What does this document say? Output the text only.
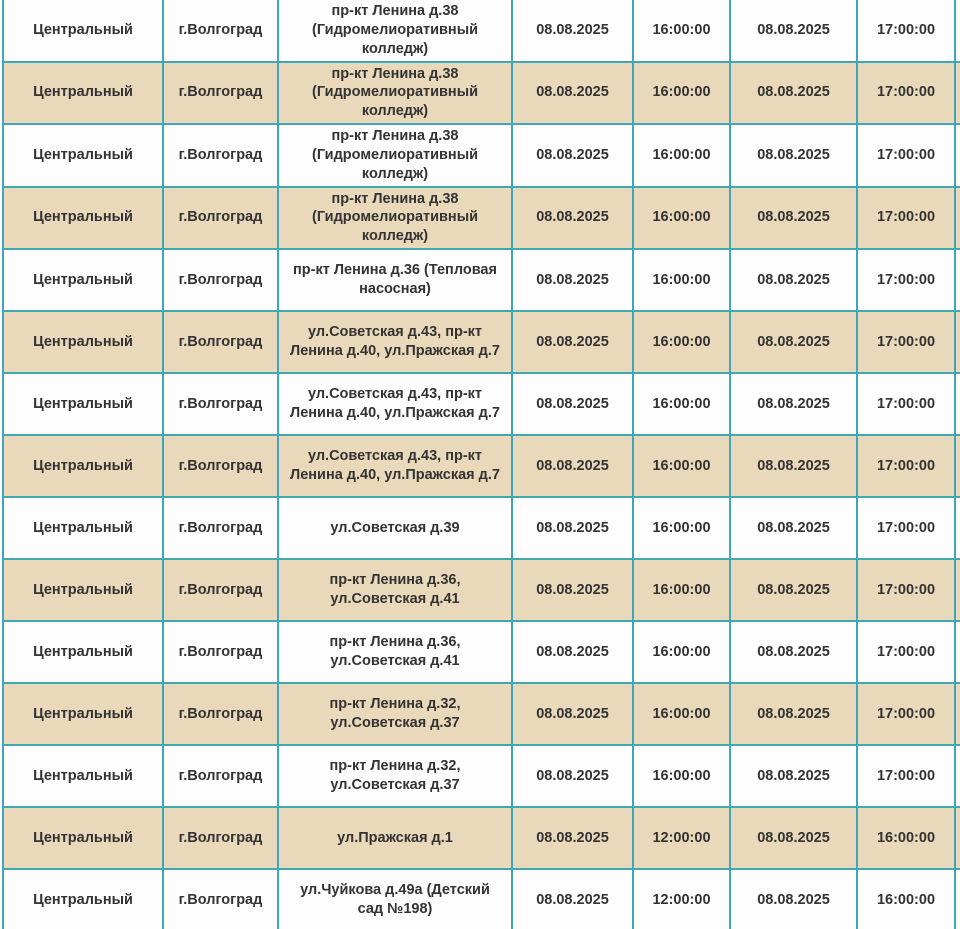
Центральный	г.Волгоград	пр-кт Ленина д.38 (Гидромелиоративный колледж)	08.08.2025	16:00:00	08.08.2025	17:00:00	
Центральный	г.Волгоград	пр-кт Ленина д.38 (Гидромелиоративный колледж)	08.08.2025	16:00:00	08.08.2025	17:00:00	
Центральный	г.Волгоград	пр-кт Ленина д.38 (Гидромелиоративный колледж)	08.08.2025	16:00:00	08.08.2025	17:00:00	
Центральный	г.Волгоград	пр-кт Ленина д.38 (Гидромелиоративный колледж)	08.08.2025	16:00:00	08.08.2025	17:00:00	
Центральный	г.Волгоград	пр-кт Ленина д.36 (Тепловая насосная)	08.08.2025	16:00:00	08.08.2025	17:00:00	
Центральный	г.Волгоград	ул.Советская д.43, пр-кт Ленина д.40, ул.Пражская д.7	08.08.2025	16:00:00	08.08.2025	17:00:00	
Центральный	г.Волгоград	ул.Советская д.43, пр-кт Ленина д.40, ул.Пражская д.7	08.08.2025	16:00:00	08.08.2025	17:00:00	
Центральный	г.Волгоград	ул.Советская д.43, пр-кт Ленина д.40, ул.Пражская д.7	08.08.2025	16:00:00	08.08.2025	17:00:00	
Центральный	г.Волгоград	ул.Советская д.39	08.08.2025	16:00:00	08.08.2025	17:00:00	
Центральный	г.Волгоград	пр-кт Ленина д.36, ул.Советская д.41	08.08.2025	16:00:00	08.08.2025	17:00:00	
Центральный	г.Волгоград	пр-кт Ленина д.36, ул.Советская д.41	08.08.2025	16:00:00	08.08.2025	17:00:00	
Центральный	г.Волгоград	пр-кт Ленина д.32, ул.Советская д.37	08.08.2025	16:00:00	08.08.2025	17:00:00	
Центральный	г.Волгоград	пр-кт Ленина д.32, ул.Советская д.37	08.08.2025	16:00:00	08.08.2025	17:00:00	
Центральный	г.Волгоград	ул.Пражская д.1	08.08.2025	12:00:00	08.08.2025	16:00:00	
Центральный	г.Волгоград	ул.Чуйкова д.49а (Детский сад №198)	08.08.2025	12:00:00	08.08.2025	16:00:00	
